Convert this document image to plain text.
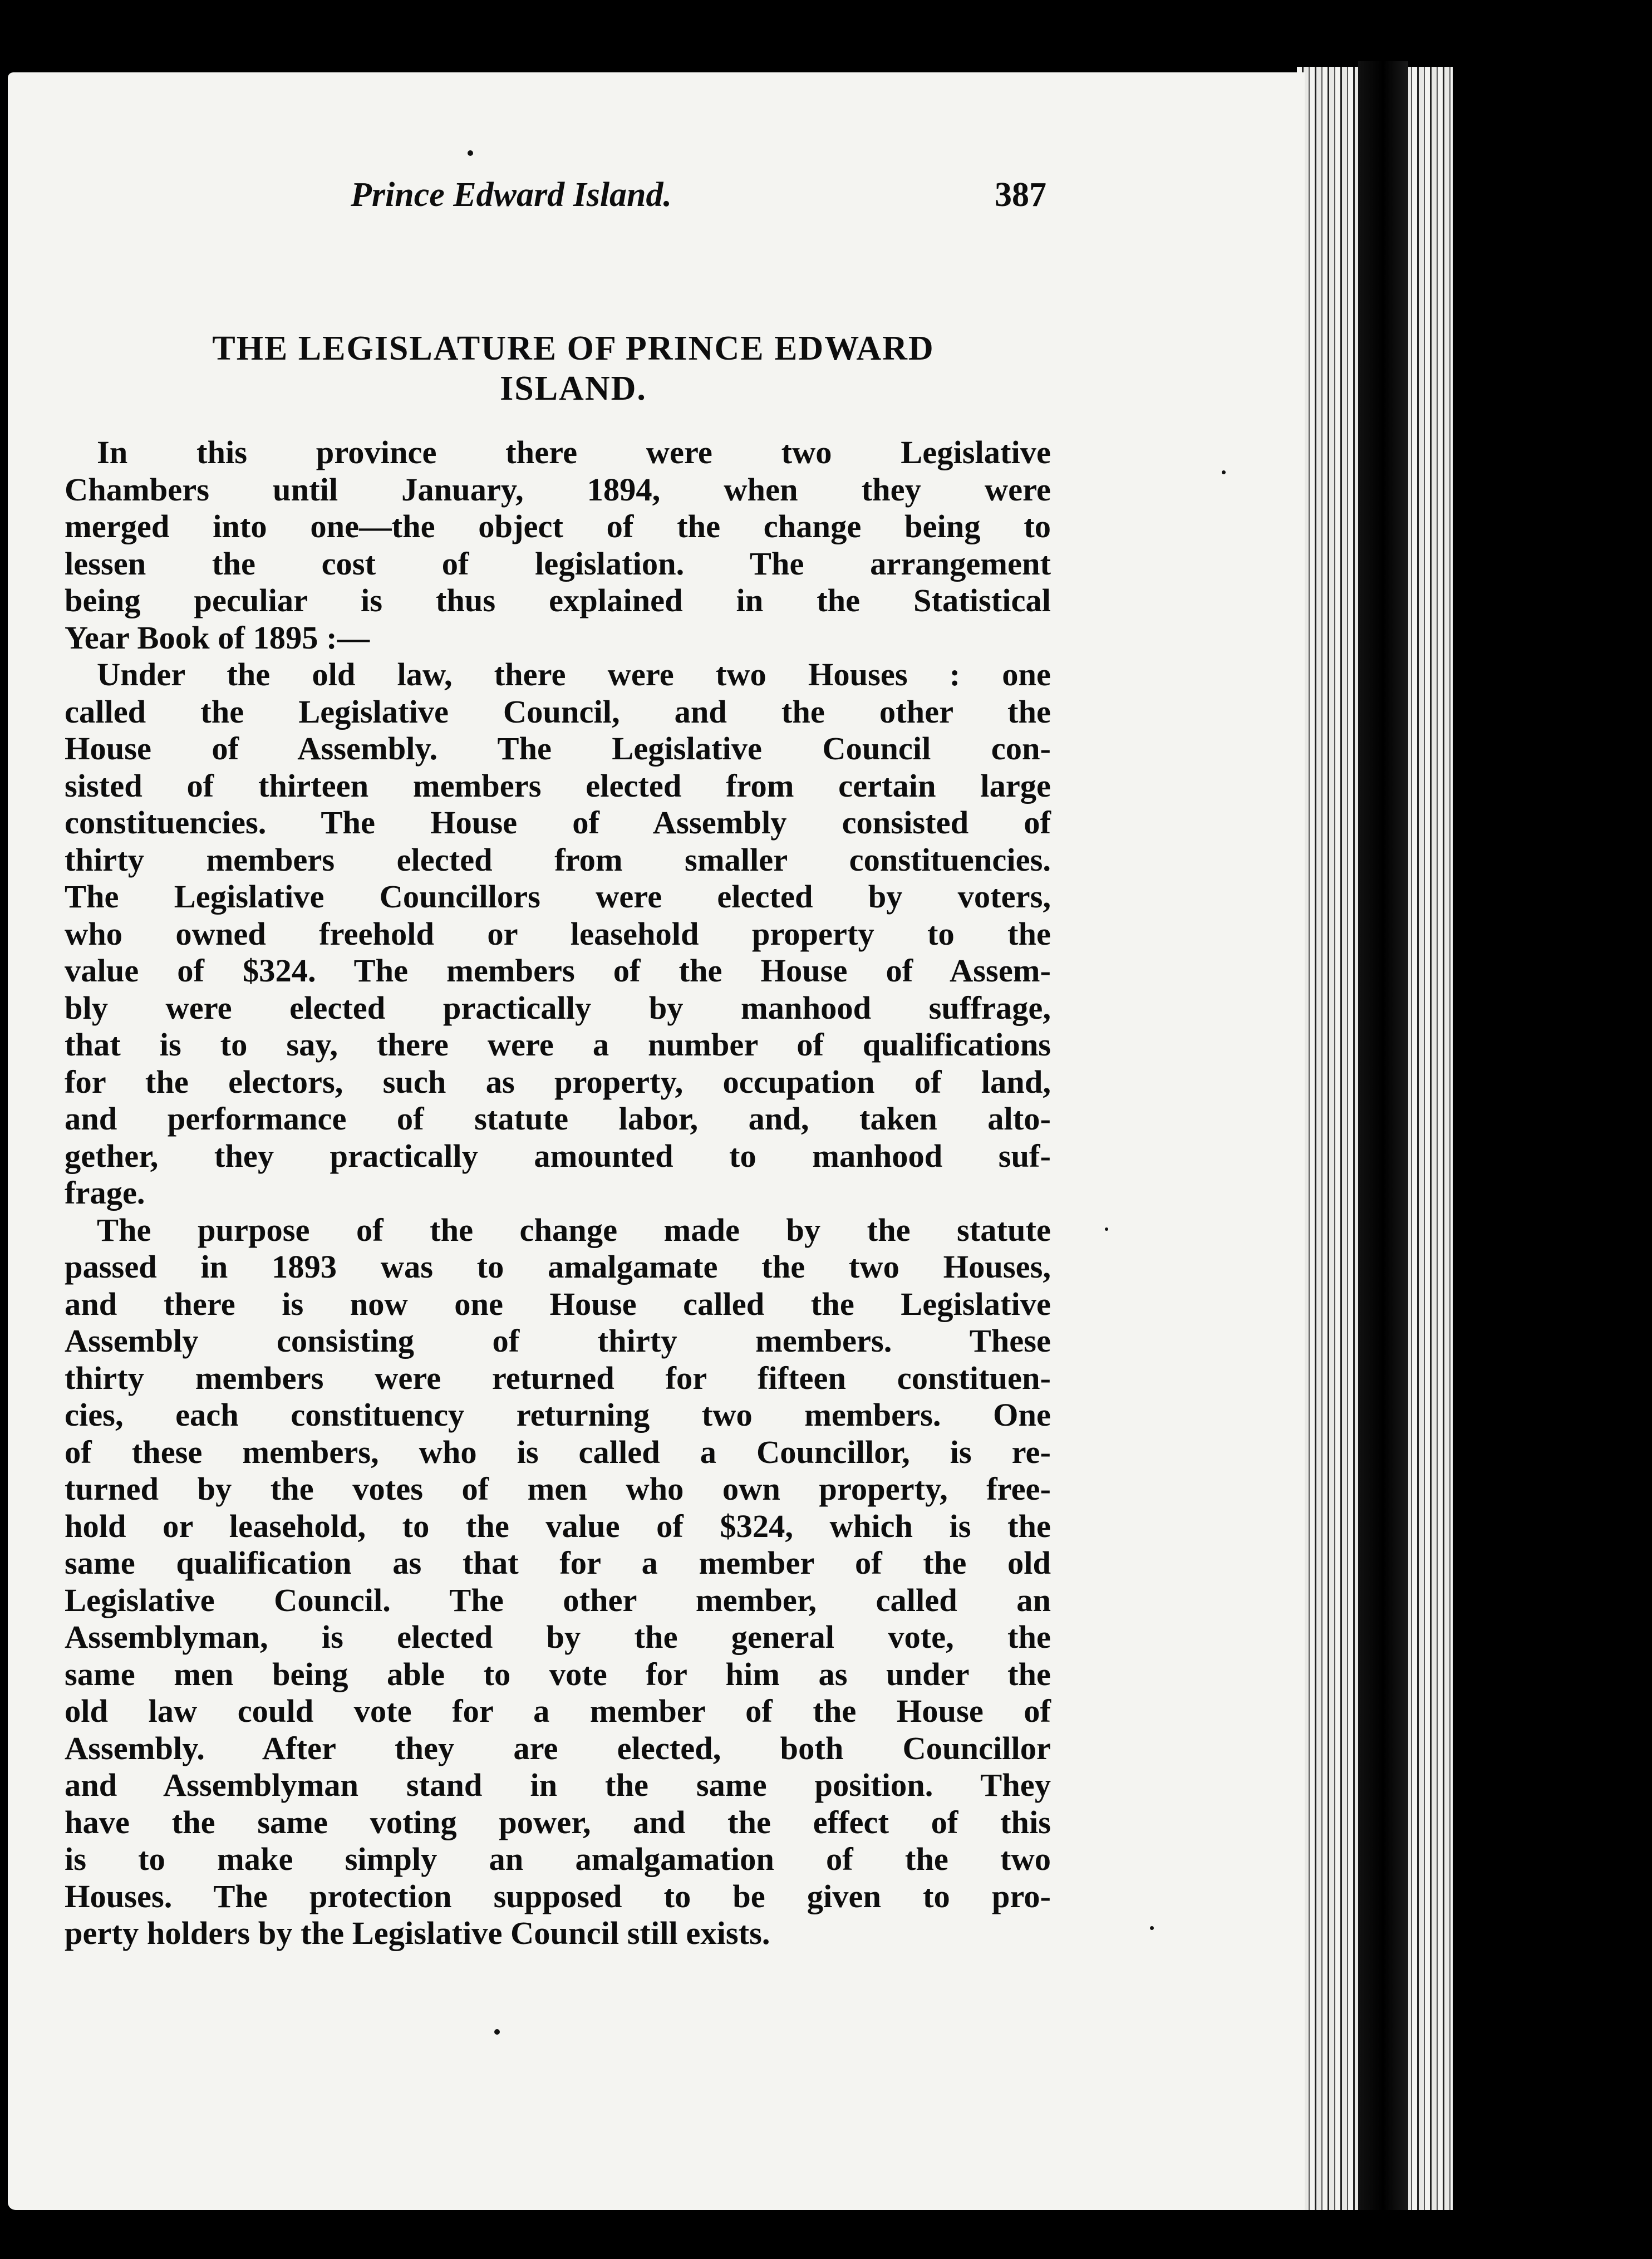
Prince Edward Island.	387
THE LEGISLATURE OF PRINCE EDWARD
ISLAND.
In this province there were two Legislative
Chambers until January, 1894, when they were
merged into one—the object of the change being to
lessen the cost of legislation. The arrangement
being peculiar is thus explained in the Statistical
Year Book of 1895 :—
Under the old law, there were two Houses : one
called the Legislative Council, and the other the
House of Assembly. The Legislative Council con-
sisted of thirteen members elected from certain large
constituencies. The House of Assembly consisted of
thirty members elected from smaller constituencies.
The Legislative Councillors were elected by voters,
who owned freehold or leasehold property to the
value of $324. The members of the House of Assem-
bly were elected practically by manhood suffrage,
that is to say, there were a number of qualifications
for the electors, such as property, occupation of land,
and performance of statute labor, and, taken alto-
gether, they practically amounted to manhood suf-
frage.
The purpose of the change made by the statute
passed in 1893 was to amalgamate the two Houses,
and there is now one House called the Legislative
Assembly consisting of thirty members. These
thirty members were returned for fifteen constituen-
cies, each constituency returning two members. One
of these members, who is called a Councillor, is re-
turned by the votes of men who own property, free-
hold or leasehold, to the value of $324, which is the
same qualification as that for a member of the old
Legislative Council. The other member, called an
Assemblyman, is elected by the general vote, the
same men being able to vote for him as under the
old law could vote for a member of the House of
Assembly. After they are elected, both Councillor
and Assemblyman stand in the same position. They
have the same voting power, and the effect of this
is to make simply an amalgamation of the two
Houses. The protection supposed to be given to pro-
perty holders by the Legislative Council still exists.
